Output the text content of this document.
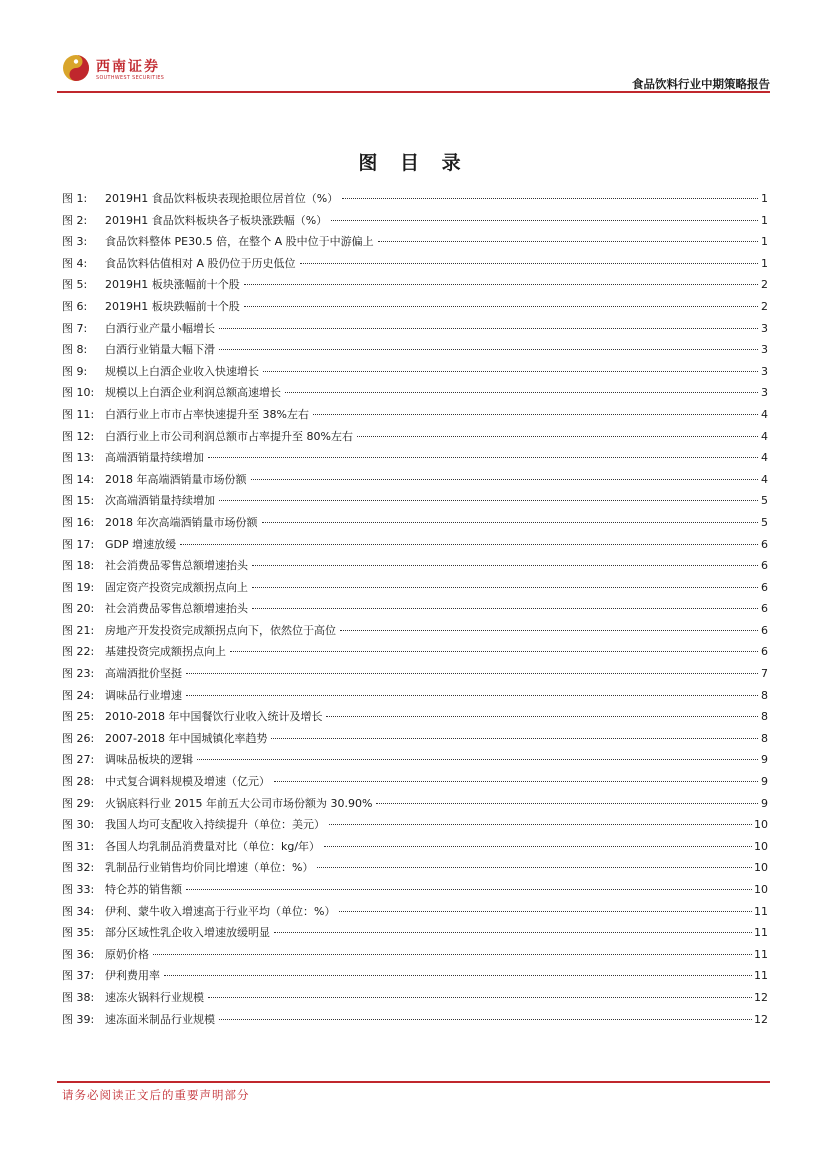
西南证券
SOUTHWEST SECURITIES	食品饮料行业中期策略报告
图 目 录
图 1: 2019H1 食品饮料板块表现抢眼位居首位（%）	1
图 2: 2019H1 食品饮料板块各子板块涨跌幅（%）	1
图 3: 食品饮料整体 PE30.5 倍，在整个 A 股中位于中游偏上	1
图 4: 食品饮料估值相对 A 股仍位于历史低位	1
图 5: 2019H1 板块涨幅前十个股	2
图 6: 2019H1 板块跌幅前十个股	2
图 7: 白酒行业产量小幅增长	3
图 8: 白酒行业销量大幅下滑	3
图 9: 规模以上白酒企业收入快速增长	3
图 10: 规模以上白酒企业利润总额高速增长	3
图 11: 白酒行业上市市占率快速提升至 38%左右	4
图 12: 白酒行业上市公司利润总额市占率提升至 80%左右	4
图 13: 高端酒销量持续增加	4
图 14: 2018 年高端酒销量市场份额	4
图 15: 次高端酒销量持续增加	5
图 16: 2018 年次高端酒销量市场份额	5
图 17: GDP 增速放缓	6
图 18: 社会消费品零售总额增速抬头	6
图 19: 固定资产投资完成额拐点向上	6
图 20: 社会消费品零售总额增速抬头	6
图 21: 房地产开发投资完成额拐点向下，依然位于高位	6
图 22: 基建投资完成额拐点向上	6
图 23: 高端酒批价坚挺	7
图 24: 调味品行业增速	8
图 25: 2010-2018 年中国餐饮行业收入统计及增长	8
图 26: 2007-2018 年中国城镇化率趋势	8
图 27: 调味品板块的逻辑	9
图 28: 中式复合调料规模及增速（亿元）	9
图 29: 火锅底料行业 2015 年前五大公司市场份额为 30.90%	9
图 30: 我国人均可支配收入持续提升（单位：美元）	10
图 31: 各国人均乳制品消费量对比（单位：kg/年）	10
图 32: 乳制品行业销售均价同比增速（单位：%）	10
图 33: 特仑苏的销售额	10
图 34: 伊利、蒙牛收入增速高于行业平均（单位：%）	11
图 35: 部分区域性乳企收入增速放缓明显	11
图 36: 原奶价格	11
图 37: 伊利费用率	11
图 38: 速冻火锅料行业规模	12
图 39: 速冻面米制品行业规模	12
请务必阅读正文后的重要声明部分
